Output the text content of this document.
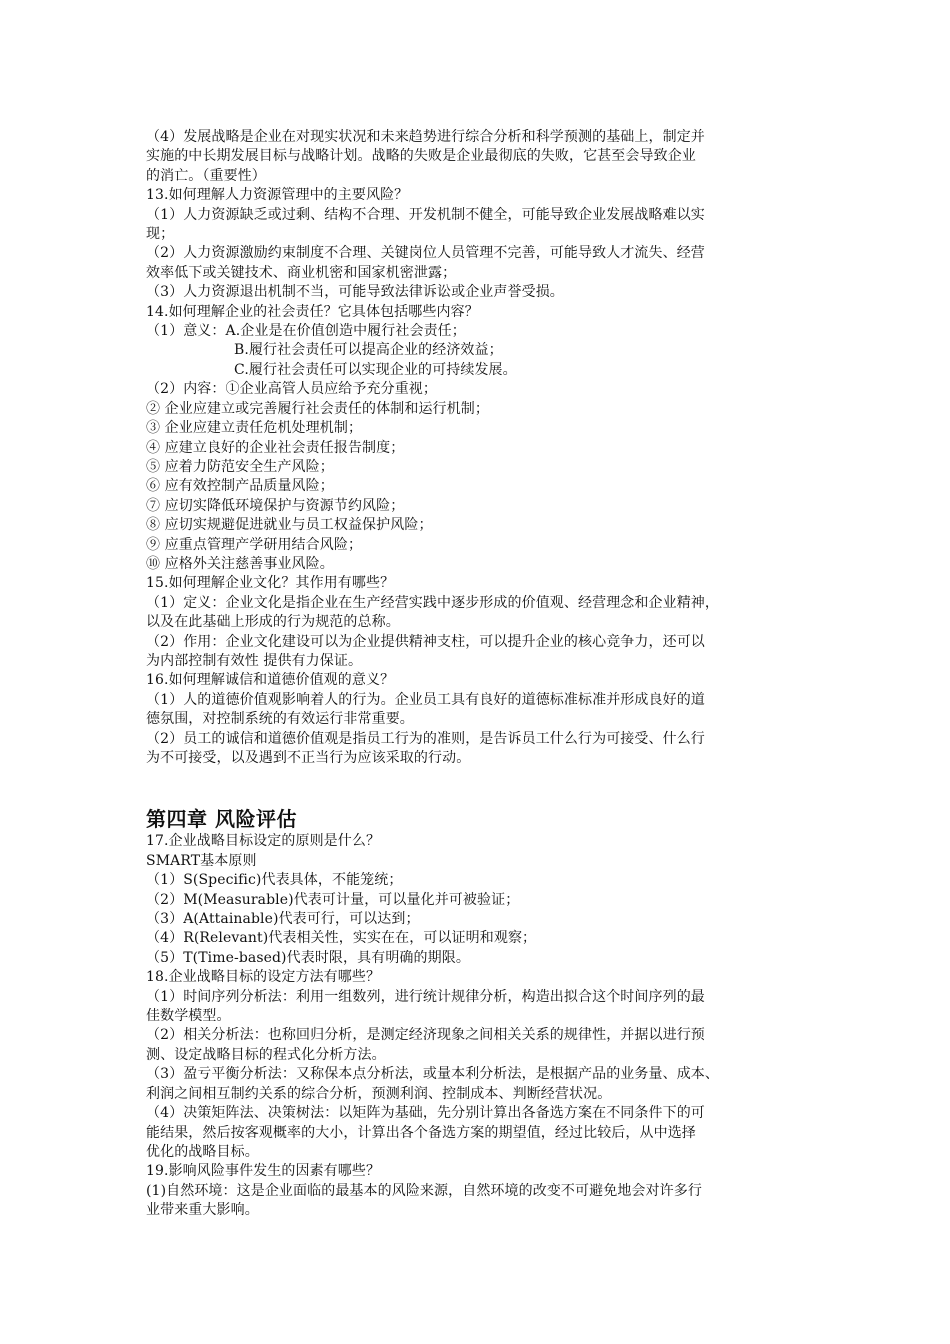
（4）发展战略是企业在对现实状况和未来趋势进行综合分析和科学预测的基础上，制定并
实施的中长期发展目标与战略计划。战略的失败是企业最彻底的失败，它甚至会导致企业
的消亡。（重要性）
13.如何理解人力资源管理中的主要风险？
（1）人力资源缺乏或过剩、结构不合理、开发机制不健全，可能导致企业发展战略难以实
现；
（2）人力资源激励约束制度不合理、关键岗位人员管理不完善，可能导致人才流失、经营
效率低下或关键技术、商业机密和国家机密泄露；
（3）人力资源退出机制不当，可能导致法律诉讼或企业声誉受损。
14.如何理解企业的社会责任？它具体包括哪些内容？
（1）意义：A.企业是在价值创造中履行社会责任；
B.履行社会责任可以提高企业的经济效益；
C.履行社会责任可以实现企业的可持续发展。
（2）内容：①企业高管人员应给予充分重视；
② 企业应建立或完善履行社会责任的体制和运行机制；
③ 企业应建立责任危机处理机制；
④ 应建立良好的企业社会责任报告制度；
⑤ 应着力防范安全生产风险；
⑥ 应有效控制产品质量风险；
⑦ 应切实降低环境保护与资源节约风险；
⑧ 应切实规避促进就业与员工权益保护风险；
⑨ 应重点管理产学研用结合风险；
⑩ 应格外关注慈善事业风险。
15.如何理解企业文化？其作用有哪些？
（1）定义：企业文化是指企业在生产经营实践中逐步形成的价值观、经营理念和企业精神，
以及在此基础上形成的行为规范的总称。
（2）作用：企业文化建设可以为企业提供精神支柱，可以提升企业的核心竞争力，还可以
为内部控制有效性 提供有力保证。
16.如何理解诚信和道德价值观的意义？
（1）人的道德价值观影响着人的行为。企业员工具有良好的道德标准标准并形成良好的道
德氛围，对控制系统的有效运行非常重要。
（2）员工的诚信和道德价值观是指员工行为的准则，是告诉员工什么行为可接受、什么行
为不可接受，以及遇到不正当行为应该采取的行动。
第四章 风险评估
17.企业战略目标设定的原则是什么？
SMART基本原则
（1）S(Specific)代表具体，不能笼统；
（2）M(Measurable)代表可计量，可以量化并可被验证；
（3）A(Attainable)代表可行，可以达到；
（4）R(Relevant)代表相关性，实实在在，可以证明和观察；
（5）T(Time-based)代表时限，具有明确的期限。
18.企业战略目标的设定方法有哪些？
（1）时间序列分析法：利用一组数列，进行统计规律分析，构造出拟合这个时间序列的最
佳数学模型。
（2）相关分析法：也称回归分析，是测定经济现象之间相关关系的规律性，并据以进行预
测、设定战略目标的程式化分析方法。
（3）盈亏平衡分析法：又称保本点分析法，或量本利分析法，是根据产品的业务量、成本、
利润之间相互制约关系的综合分析，预测利润、控制成本、判断经营状况。
（4）决策矩阵法、决策树法：以矩阵为基础，先分别计算出各备选方案在不同条件下的可
能结果，然后按客观概率的大小，计算出各个备选方案的期望值，经过比较后，从中选择
优化的战略目标。
19.影响风险事件发生的因素有哪些？
(1)自然环境：这是企业面临的最基本的风险来源，自然环境的改变不可避免地会对许多行
业带来重大影响。
